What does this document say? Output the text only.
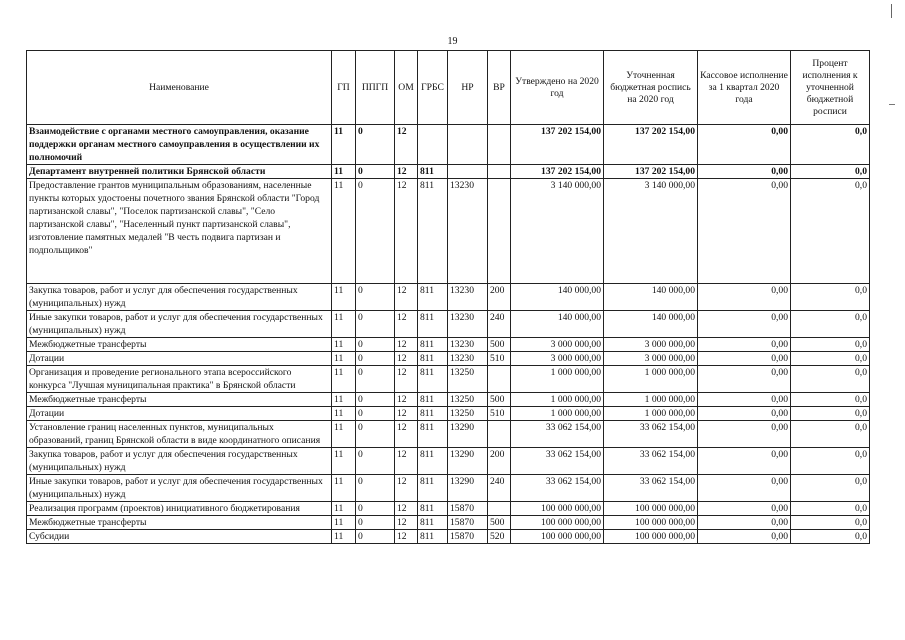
19
Наименование	ГП	ППГП	ОМ	ГРБС	НР	ВР	Утверждено на 2020 год	Уточненная бюджетная роспись на 2020 год	Кассовое исполнение за 1 квартал 2020 года	Процент исполнения к уточненной бюджетной росписи
Взаимодействие с органами местного самоуправления, оказание поддержки органам местного самоуправления в осуществлении их полномочий	11	0	12				137 202 154,00	137 202 154,00	0,00	0,0
Департамент внутренней политики Брянской области	11	0	12	811			137 202 154,00	137 202 154,00	0,00	0,0
Предоставление грантов муниципальным образованиям, населенные пункты которых удостоены почетного звания Брянской области "Город партизанской славы", "Поселок партизанской славы", "Село партизанской славы", "Населенный пункт партизанской славы", изготовление памятных медалей "В честь подвига партизан и подпольщиков"	11	0	12	811	13230		3 140 000,00	3 140 000,00	0,00	0,0
Закупка товаров, работ и услуг для обеспечения государственных (муниципальных) нужд	11	0	12	811	13230	200	140 000,00	140 000,00	0,00	0,0
Иные закупки товаров, работ и услуг для обеспечения государственных (муниципальных) нужд	11	0	12	811	13230	240	140 000,00	140 000,00	0,00	0,0
Межбюджетные трансферты	11	0	12	811	13230	500	3 000 000,00	3 000 000,00	0,00	0,0
Дотации	11	0	12	811	13230	510	3 000 000,00	3 000 000,00	0,00	0,0
Организация и проведение регионального этапа всероссийского конкурса "Лучшая муниципальная практика" в Брянской области	11	0	12	811	13250		1 000 000,00	1 000 000,00	0,00	0,0
Межбюджетные трансферты	11	0	12	811	13250	500	1 000 000,00	1 000 000,00	0,00	0,0
Дотации	11	0	12	811	13250	510	1 000 000,00	1 000 000,00	0,00	0,0
Установление границ населенных пунктов, муниципальных образований, границ Брянской области в виде координатного описания	11	0	12	811	13290		33 062 154,00	33 062 154,00	0,00	0,0
Закупка товаров, работ и услуг для обеспечения государственных (муниципальных) нужд	11	0	12	811	13290	200	33 062 154,00	33 062 154,00	0,00	0,0
Иные закупки товаров, работ и услуг для обеспечения государственных (муниципальных) нужд	11	0	12	811	13290	240	33 062 154,00	33 062 154,00	0,00	0,0
Реализация программ (проектов) инициативного бюджетирования	11	0	12	811	15870		100 000 000,00	100 000 000,00	0,00	0,0
Межбюджетные трансферты	11	0	12	811	15870	500	100 000 000,00	100 000 000,00	0,00	0,0
Субсидии	11	0	12	811	15870	520	100 000 000,00	100 000 000,00	0,00	0,0
